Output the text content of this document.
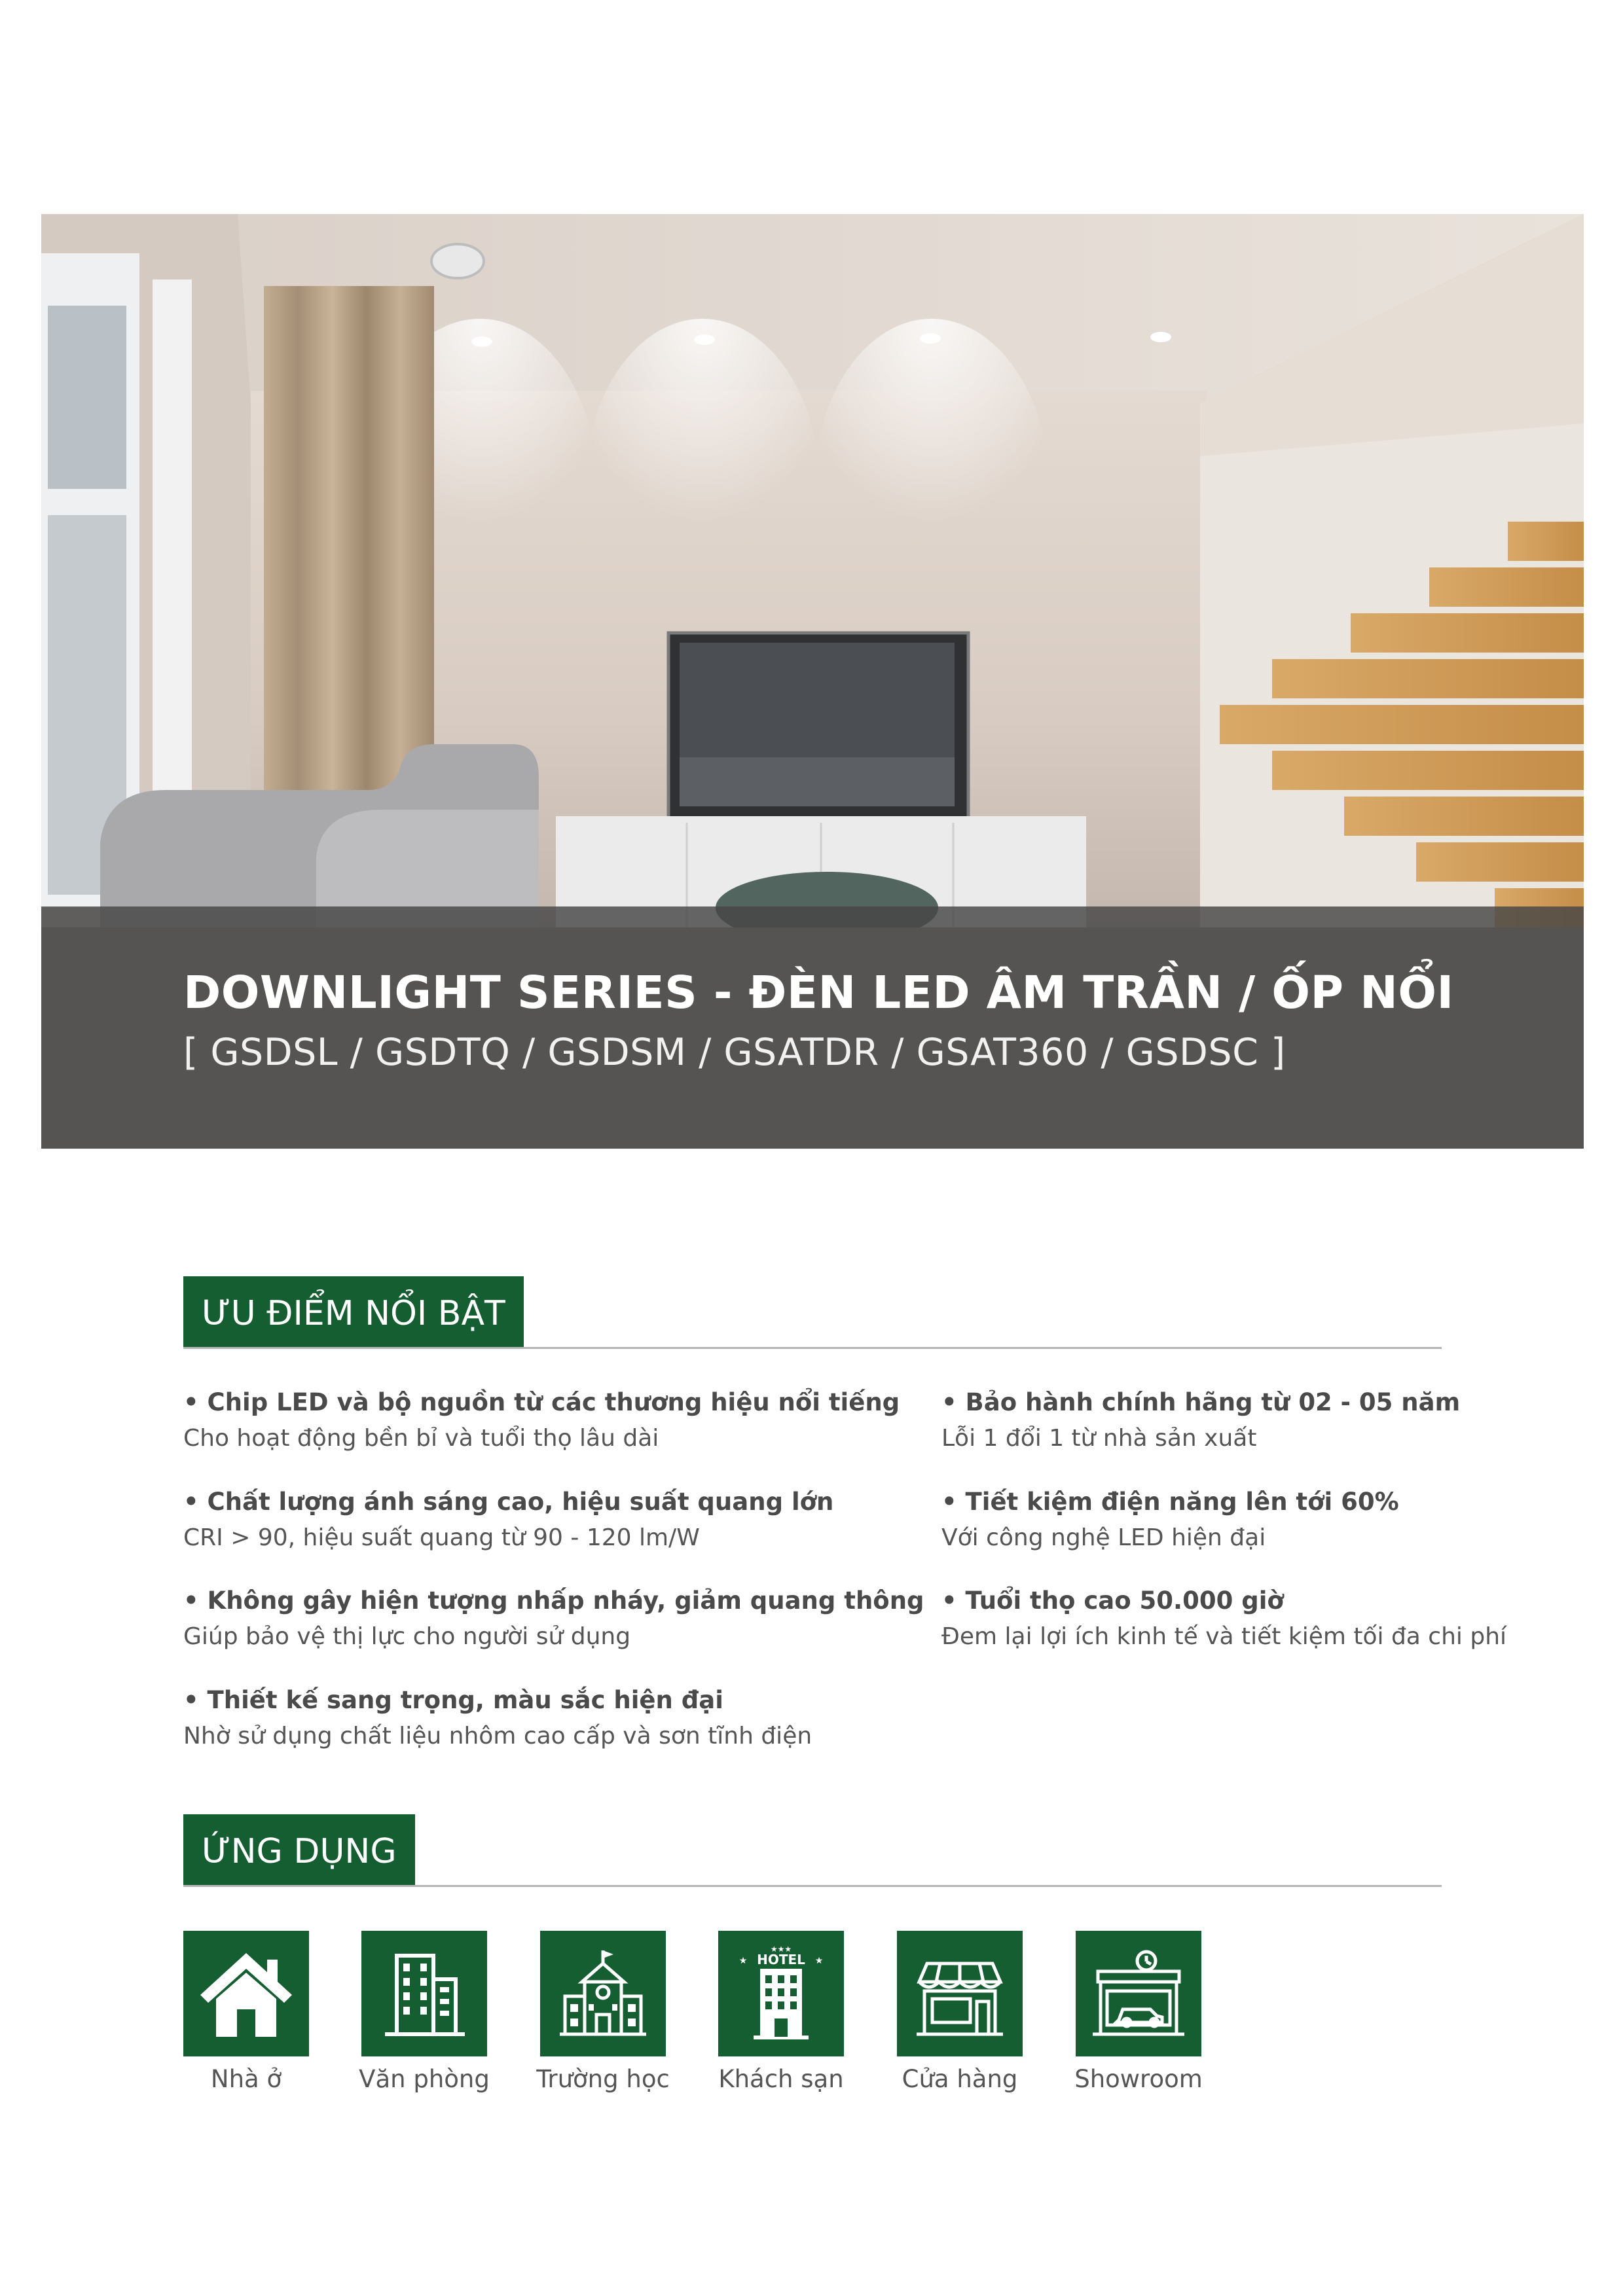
DOWNLIGHT SERIES - ĐÈN LED ÂM TRẦN / ỐP NỔI
[ GSDSL / GSDTQ / GSDSM / GSATDR / GSAT360 / GSDSC ]
ƯU ĐIỂM NỔI BẬT
• Chip LED và bộ nguồn từ các thương hiệu nổi tiếng
Cho hoạt động bền bỉ và tuổi thọ lâu dài
• Chất lượng ánh sáng cao, hiệu suất quang lớn
CRI > 90, hiệu suất quang từ 90 - 120 lm/W
• Không gây hiện tượng nhấp nháy, giảm quang thông
Giúp bảo vệ thị lực cho người sử dụng
• Thiết kế sang trọng, màu sắc hiện đại
Nhờ sử dụng chất liệu nhôm cao cấp và sơn tĩnh điện
• Bảo hành chính hãng từ 02 - 05 năm
Lỗi 1 đổi 1 từ nhà sản xuất
• Tiết kiệm điện năng lên tới 60%
Với công nghệ LED hiện đại
• Tuổi thọ cao 50.000 giờ
Đem lại lợi ích kinh tế và tiết kiệm tối đa chi phí
ỨNG DỤNG
Nhà ở	Văn phòng	Trường học
★★★
★	★
HOTEL
Khách sạn	Cửa hàng	Showroom
